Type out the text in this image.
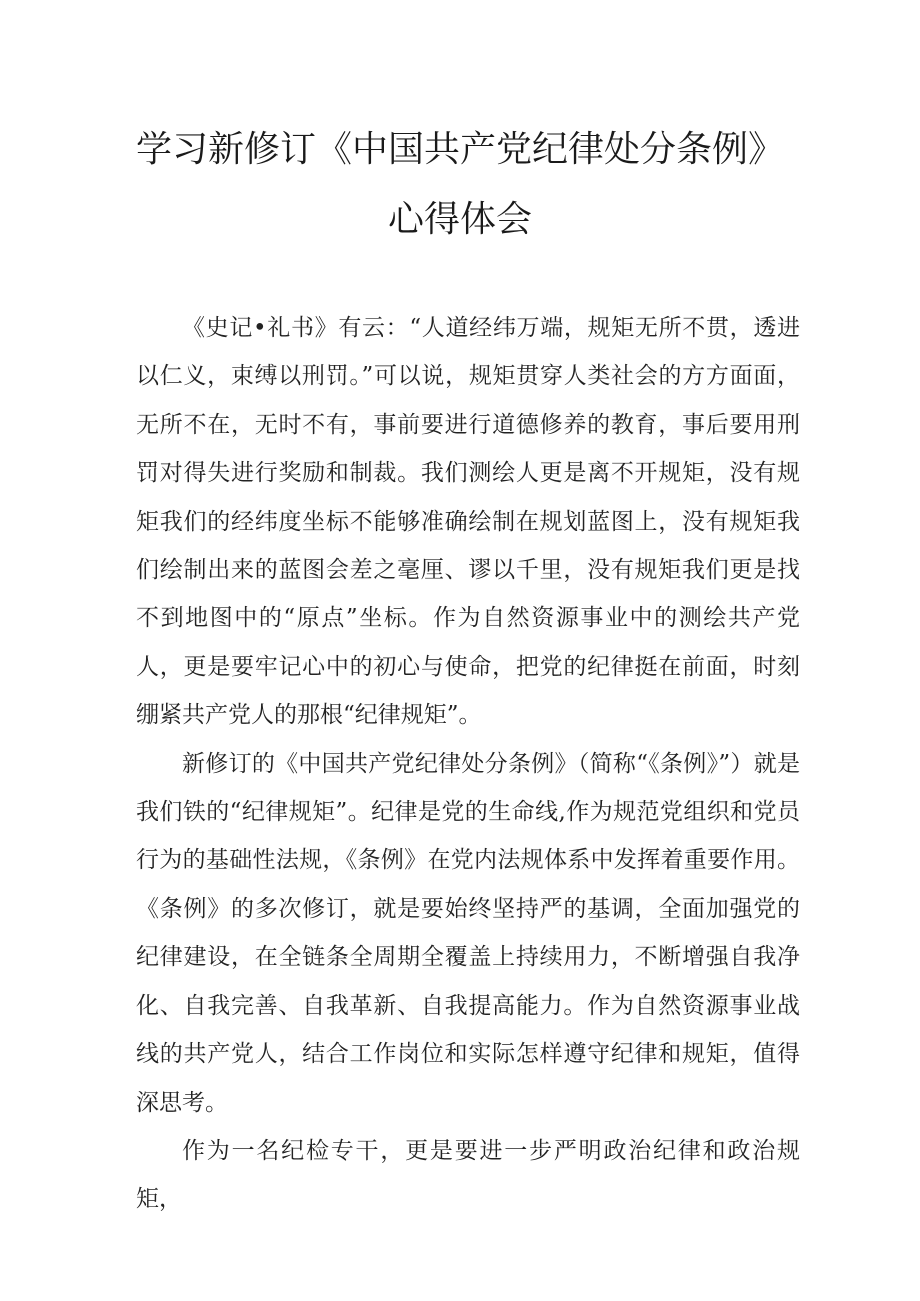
学习新修订《中国共产党纪律处分条例》
心得体会

《史记•礼书》有云：“人道经纬万端，规矩无所不贯，透进以仁义，束缚以刑罚。”可以说，规矩贯穿人类社会的方方面面，无所不在，无时不有，事前要进行道德修养的教育，事后要用刑罚对得失进行奖励和制裁。我们测绘人更是离不开规矩，没有规矩我们的经纬度坐标不能够准确绘制在规划蓝图上，没有规矩我们绘制出来的蓝图会差之毫厘、谬以千里，没有规矩我们更是找不到地图中的“原点”坐标。作为自然资源事业中的测绘共产党人，更是要牢记心中的初心与使命，把党的纪律挺在前面，时刻绷紧共产党人的那根“纪律规矩”。

新修订的《中国共产党纪律处分条例》（简称“《条例》”）就是我们铁的“纪律规矩”。纪律是党的生命线,作为规范党组织和党员行为的基础性法规，《条例》在党内法规体系中发挥着重要作用。《条例》的多次修订，就是要始终坚持严的基调，全面加强党的纪律建设，在全链条全周期全覆盖上持续用力，不断增强自我净化、自我完善、自我革新、自我提高能力。作为自然资源事业战线的共产党人，结合工作岗位和实际怎样遵守纪律和规矩，值得深思考。

作为一名纪检专干，更是要进一步严明政治纪律和政治规矩，
